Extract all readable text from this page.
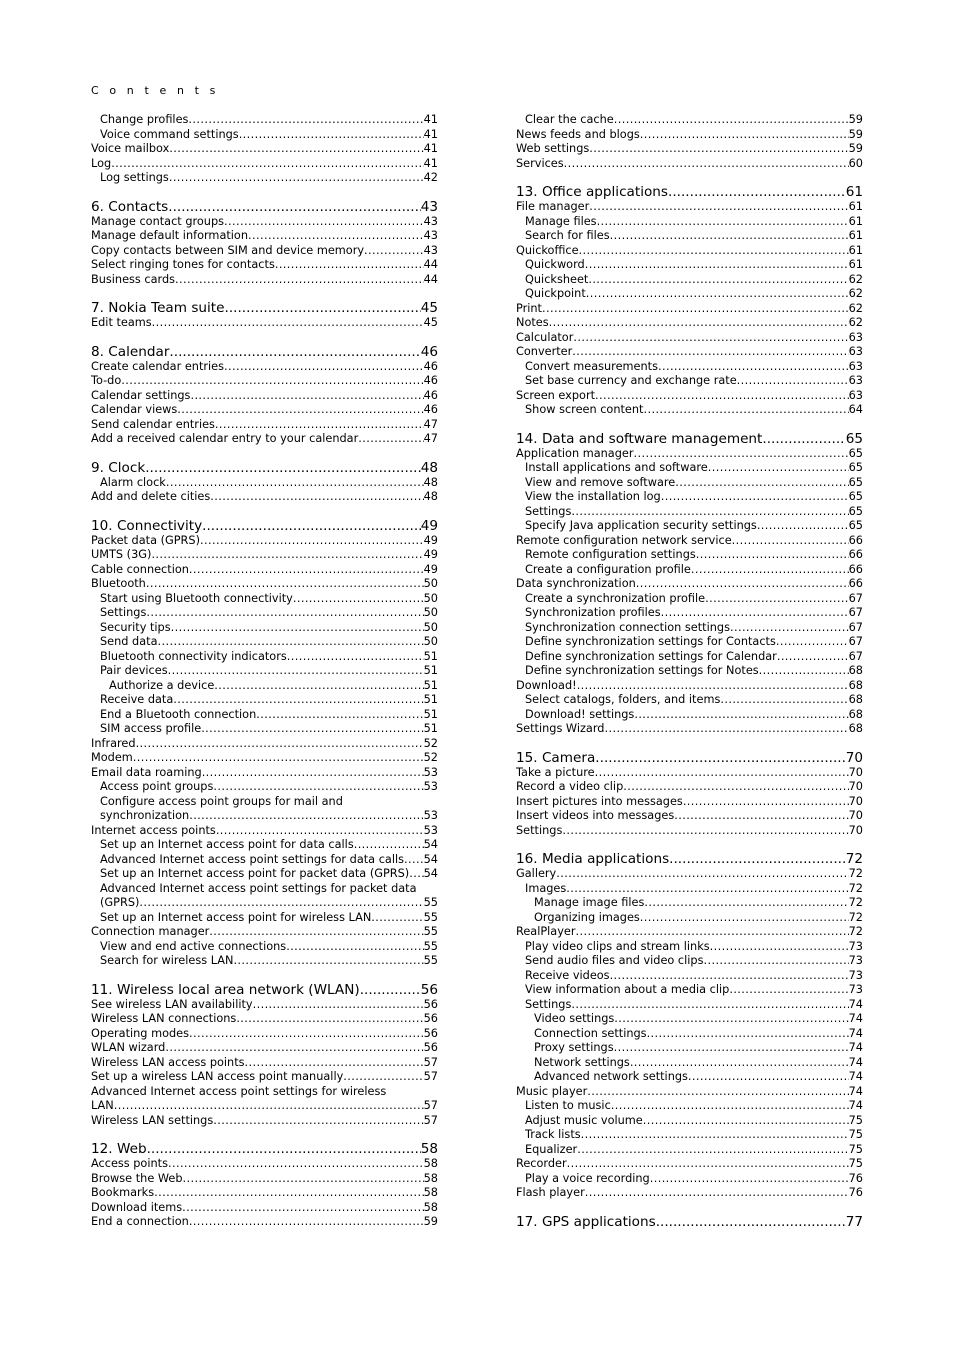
C o n t e n t s
Change profiles .....	41
Voice command settings .....	41
Voice mailbox .....	41
Log .....	41
Log settings .....	42
6. Contacts .....	43
Manage contact groups .....	43
Manage default information .....	43
Copy contacts between SIM and device memory .....	43
Select ringing tones for contacts .....	44
Business cards .....	44
7. Nokia Team suite .....	45
Edit teams .....	45
8. Calendar .....	46
Create calendar entries .....	46
To-do .....	46
Calendar settings .....	46
Calendar views .....	46
Send calendar entries .....	47
Add a received calendar entry to your calendar .....	47
9. Clock .....	48
Alarm clock .....	48
Add and delete cities .....	48
10. Connectivity .....	49
Packet data (GPRS) .....	49
UMTS (3G) .....	49
Cable connection .....	49
Bluetooth .....	50
Start using Bluetooth connectivity .....	50
Settings .....	50
Security tips .....	50
Send data .....	50
Bluetooth connectivity indicators .....	51
Pair devices .....	51
Authorize a device .....	51
Receive data .....	51
End a Bluetooth connection .....	51
SIM access profile .....	51
Infrared .....	52
Modem .....	52
Email data roaming .....	53
Access point groups .....	53
Configure access point groups for mail and
synchronization .....	53
Internet access points .....	53
Set up an Internet access point for data calls .....	54
Advanced Internet access point settings for data calls ..... 54
Set up an Internet access point for packet data (GPRS) ..... 54
Advanced Internet access point settings for packet data
(GPRS) .....	55
Set up an Internet access point for wireless LAN .....	55
Connection manager .....	55
View and end active connections .....	55
Search for wireless LAN .....	55
11. Wireless local area network (WLAN) .....	56
See wireless LAN availability .....	56
Wireless LAN connections .....	56
Operating modes .....	56
WLAN wizard .....	56
Wireless LAN access points .....	57
Set up a wireless LAN access point manually .....	57
Advanced Internet access point settings for wireless
LAN .....	57
Wireless LAN settings .....	57
12. Web .....	58
Access points .....	58
Browse the Web .....	58
Bookmarks .....	58
Download items .....	58
End a connection .....	59
Clear the cache .....	59
News feeds and blogs .....	59
Web settings .....	59
Services .....	60
13. Office applications .....	61
File manager .....	61
Manage files .....	61
Search for files .....	61
Quickoffice .....	61
Quickword .....	61
Quicksheet .....	62
Quickpoint .....	62
Print .....	62
Notes .....	62
Calculator .....	63
Converter .....	63
Convert measurements .....	63
Set base currency and exchange rate .....	63
Screen export .....	63
Show screen content .....	64
14. Data and software management .....	65
Application manager .....	65
Install applications and software .....	65
View and remove software .....	65
View the installation log .....	65
Settings .....	65
Specify Java application security settings .....	65
Remote configuration network service .....	66
Remote configuration settings .....	66
Create a configuration profile .....	66
Data synchronization .....	66
Create a synchronization profile .....	67
Synchronization profiles .....	67
Synchronization connection settings .....	67
Define synchronization settings for Contacts .....	67
Define synchronization settings for Calendar .....	67
Define synchronization settings for Notes .....	68
Download! .....	68
Select catalogs, folders, and items .....	68
Download! settings .....	68
Settings Wizard .....	68
15. Camera .....	70
Take a picture .....	70
Record a video clip .....	70
Insert pictures into messages .....	70
Insert videos into messages .....	70
Settings .....	70
16. Media applications .....	72
Gallery .....	72
Images .....	72
Manage image files .....	72
Organizing images .....	72
RealPlayer .....	72
Play video clips and stream links .....	73
Send audio files and video clips .....	73
Receive videos .....	73
View information about a media clip .....	73
Settings .....	74
Video settings .....	74
Connection settings .....	74
Proxy settings .....	74
Network settings .....	74
Advanced network settings .....	74
Music player .....	74
Listen to music .....	74
Adjust music volume .....	75
Track lists .....	75
Equalizer .....	75
Recorder .....	75
Play a voice recording .....	76
Flash player .....	76
17. GPS applications .....	77
